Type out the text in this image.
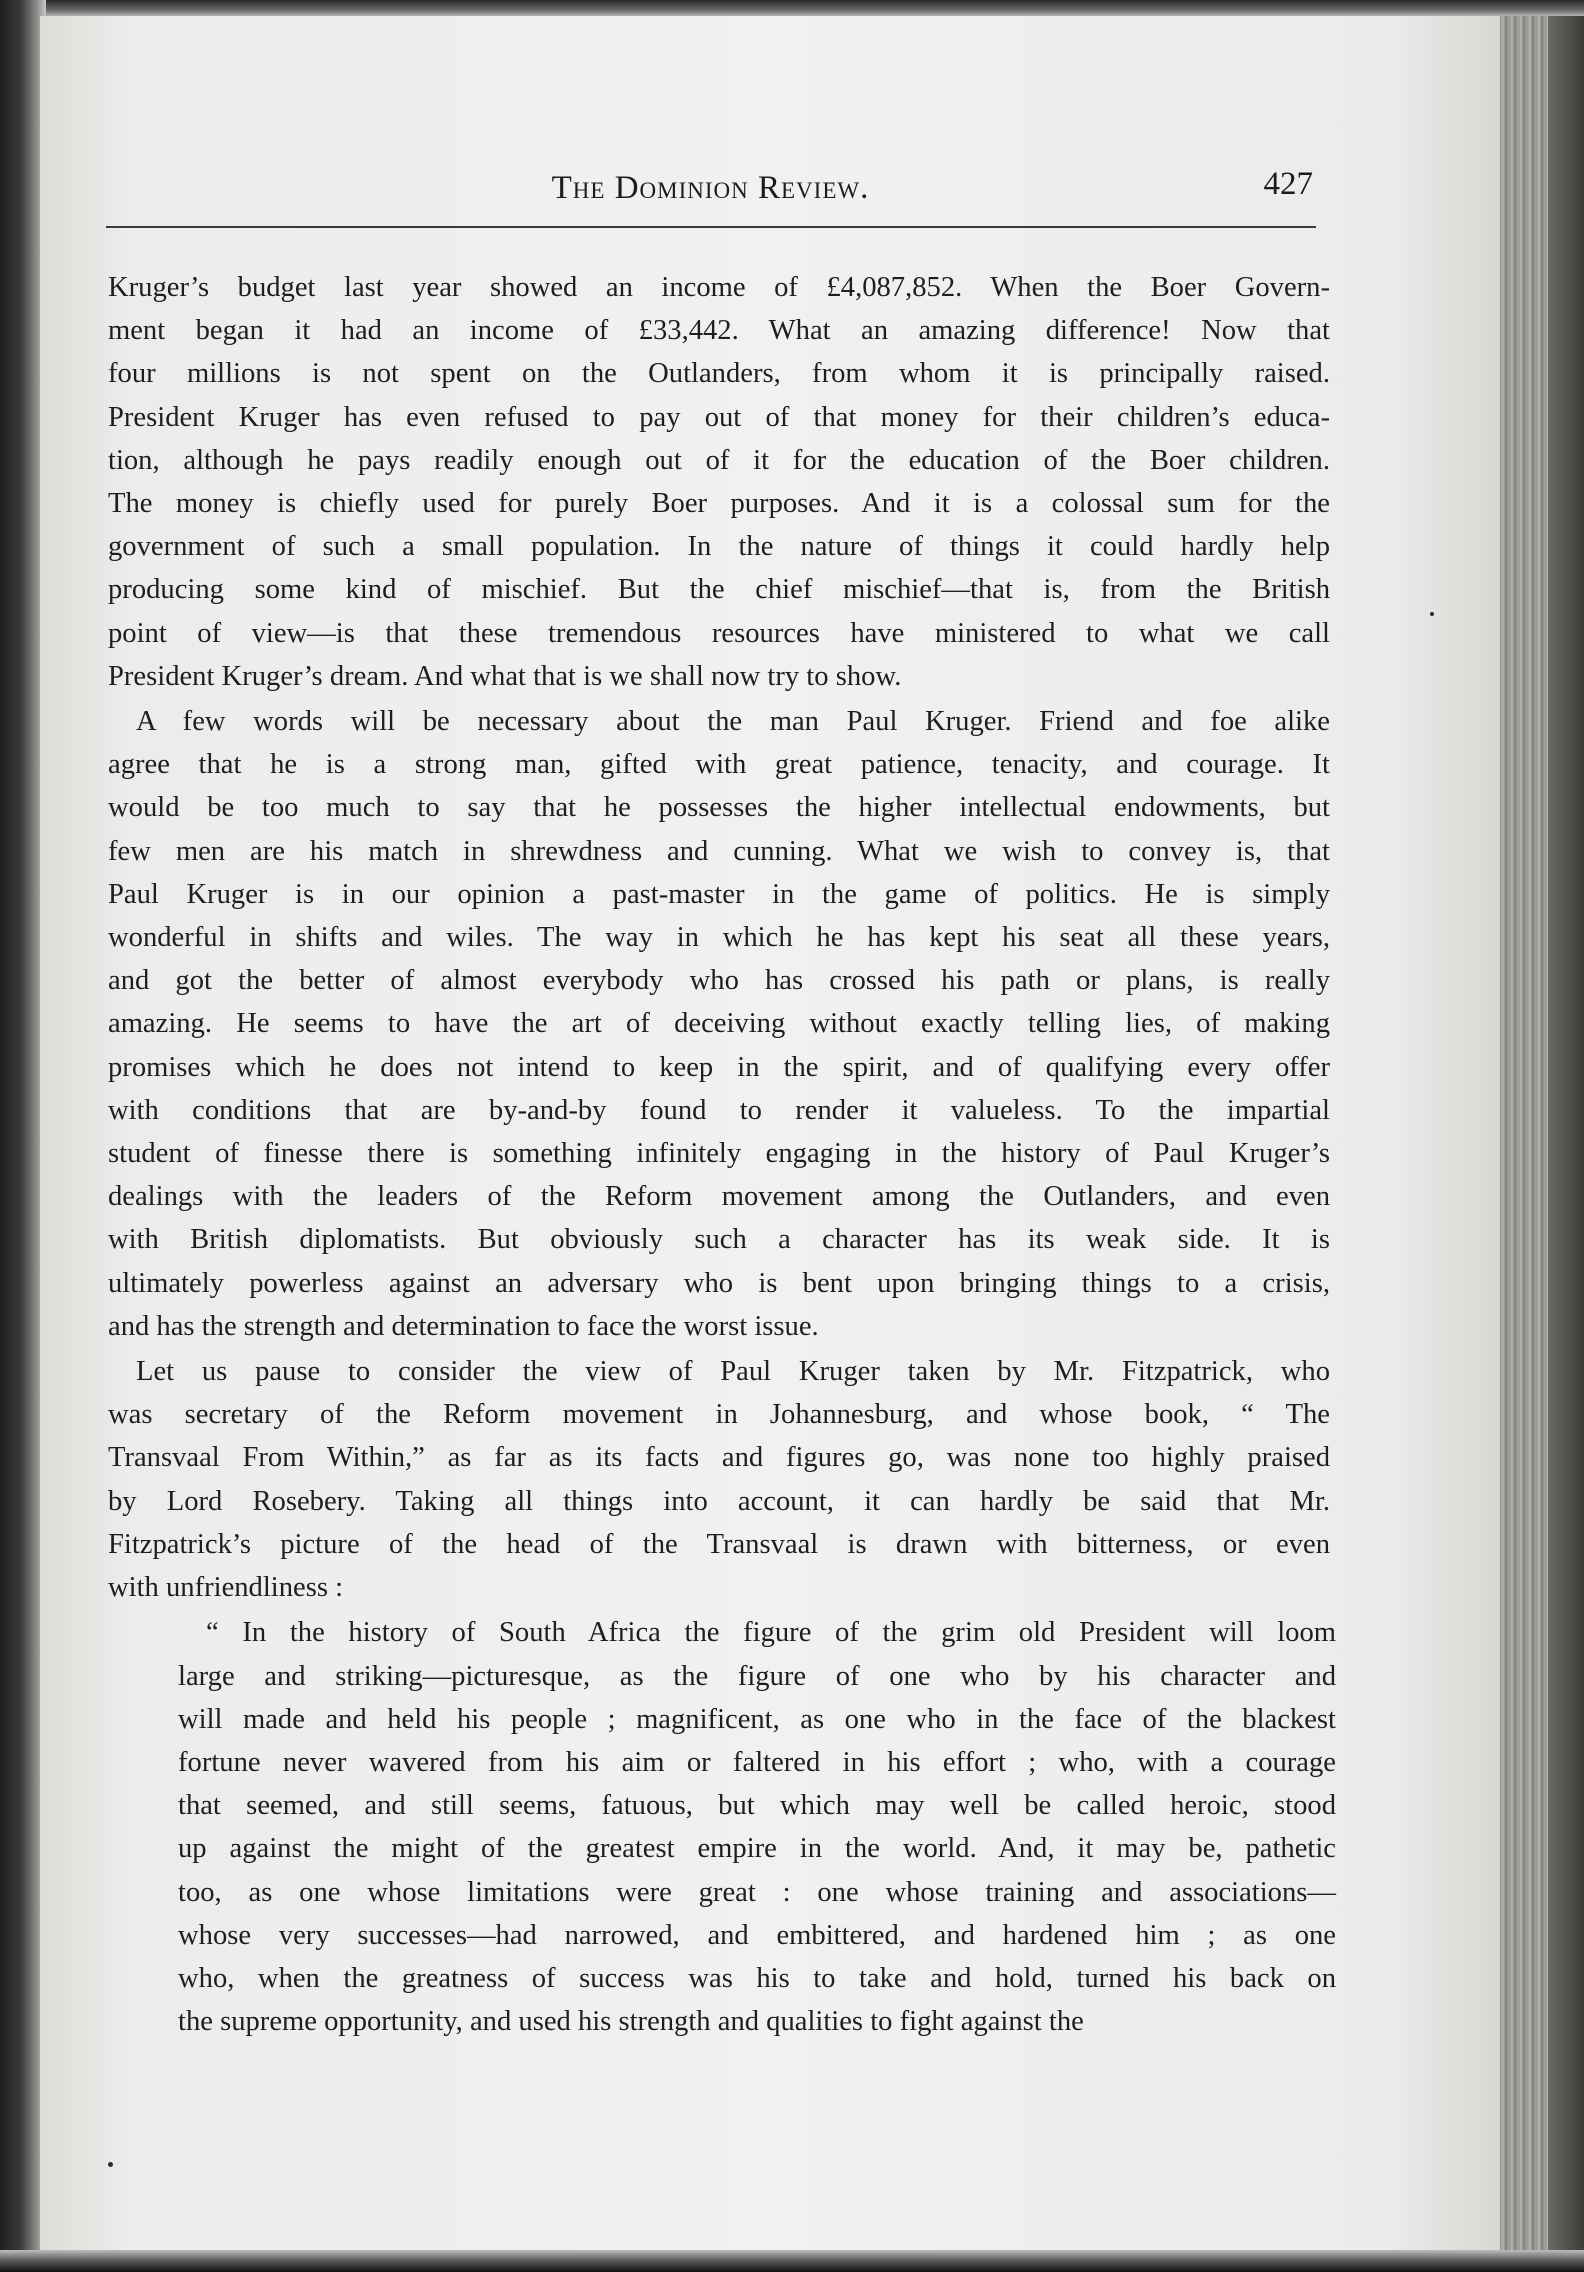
The Dominion Review.	427
Kruger’s budget last year showed an income of £4,087,852. When the Boer Govern-
ment began it had an income of £33,442. What an amazing difference! Now that
four millions is not spent on the Outlanders, from whom it is principally raised.
President Kruger has even refused to pay out of that money for their children’s educa-
tion, although he pays readily enough out of it for the education of the Boer children.
The money is chiefly used for purely Boer purposes. And it is a colossal sum for the
government of such a small population. In the nature of things it could hardly help
producing some kind of mischief. But the chief mischief—that is, from the British
point of view—is that these tremendous resources have ministered to what we call
President Kruger’s dream. And what that is we shall now try to show.
A few words will be necessary about the man Paul Kruger. Friend and foe alike
agree that he is a strong man, gifted with great patience, tenacity, and courage. It
would be too much to say that he possesses the higher intellectual endowments, but
few men are his match in shrewdness and cunning. What we wish to convey is, that
Paul Kruger is in our opinion a past-master in the game of politics. He is simply
wonderful in shifts and wiles. The way in which he has kept his seat all these years,
and got the better of almost everybody who has crossed his path or plans, is really
amazing. He seems to have the art of deceiving without exactly telling lies, of making
promises which he does not intend to keep in the spirit, and of qualifying every offer
with conditions that are by-and-by found to render it valueless. To the impartial
student of finesse there is something infinitely engaging in the history of Paul Kruger’s
dealings with the leaders of the Reform movement among the Outlanders, and even
with British diplomatists. But obviously such a character has its weak side. It is
ultimately powerless against an adversary who is bent upon bringing things to a crisis,
and has the strength and determination to face the worst issue.
Let us pause to consider the view of Paul Kruger taken by Mr. Fitzpatrick, who
was secretary of the Reform movement in Johannesburg, and whose book, “ The
Transvaal From Within,” as far as its facts and figures go, was none too highly praised
by Lord Rosebery. Taking all things into account, it can hardly be said that Mr.
Fitzpatrick’s picture of the head of the Transvaal is drawn with bitterness, or even
with unfriendliness :
“ In the history of South Africa the figure of the grim old President will loom
large and striking—picturesque, as the figure of one who by his character and
will made and held his people ; magnificent, as one who in the face of the blackest
fortune never wavered from his aim or faltered in his effort ; who, with a courage
that seemed, and still seems, fatuous, but which may well be called heroic, stood
up against the might of the greatest empire in the world. And, it may be, pathetic
too, as one whose limitations were great : one whose training and associations—
whose very successes—had narrowed, and embittered, and hardened him ; as one
who, when the greatness of success was his to take and hold, turned his back on
the supreme opportunity, and used his strength and qualities to fight against the
